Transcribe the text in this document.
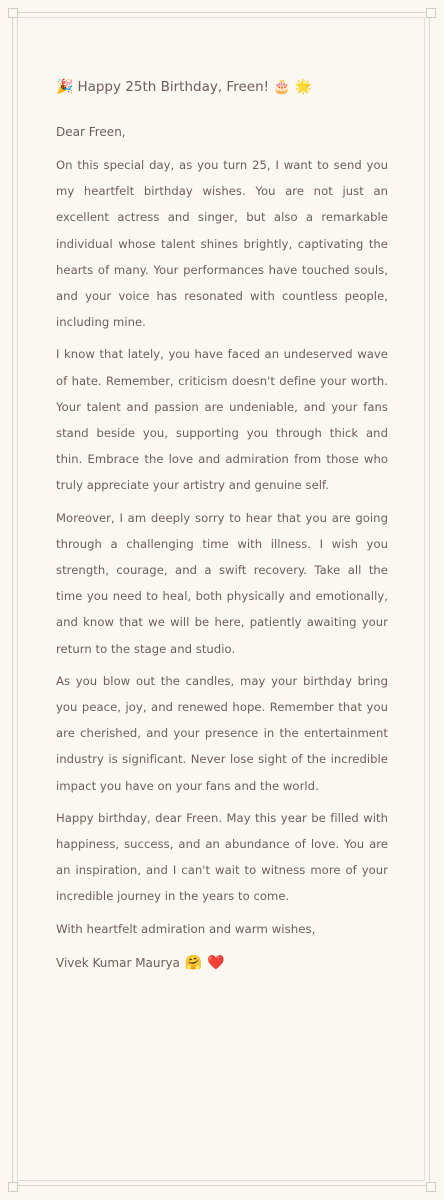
🎉 Happy 25th Birthday, Freen! 🎂 🌟

Dear Freen,

On this special day, as you turn 25, I want to send you my heartfelt birthday wishes. You are not just an excellent actress and singer, but also a remarkable individual whose talent shines brightly, captivating the hearts of many. Your performances have touched souls, and your voice has resonated with countless people, including mine.

I know that lately, you have faced an undeserved wave of hate. Remember, criticism doesn't define your worth. Your talent and passion are undeniable, and your fans stand beside you, supporting you through thick and thin. Embrace the love and admiration from those who truly appreciate your artistry and genuine self.

Moreover, I am deeply sorry to hear that you are going through a challenging time with illness. I wish you strength, courage, and a swift recovery. Take all the time you need to heal, both physically and emotionally, and know that we will be here, patiently awaiting your return to the stage and studio.

As you blow out the candles, may your birthday bring you peace, joy, and renewed hope. Remember that you are cherished, and your presence in the entertainment industry is significant. Never lose sight of the incredible impact you have on your fans and the world.

Happy birthday, dear Freen. May this year be filled with happiness, success, and an abundance of love. You are an inspiration, and I can't wait to witness more of your incredible journey in the years to come.

With heartfelt admiration and warm wishes,

Vivek Kumar Maurya 🤗 ❤️
